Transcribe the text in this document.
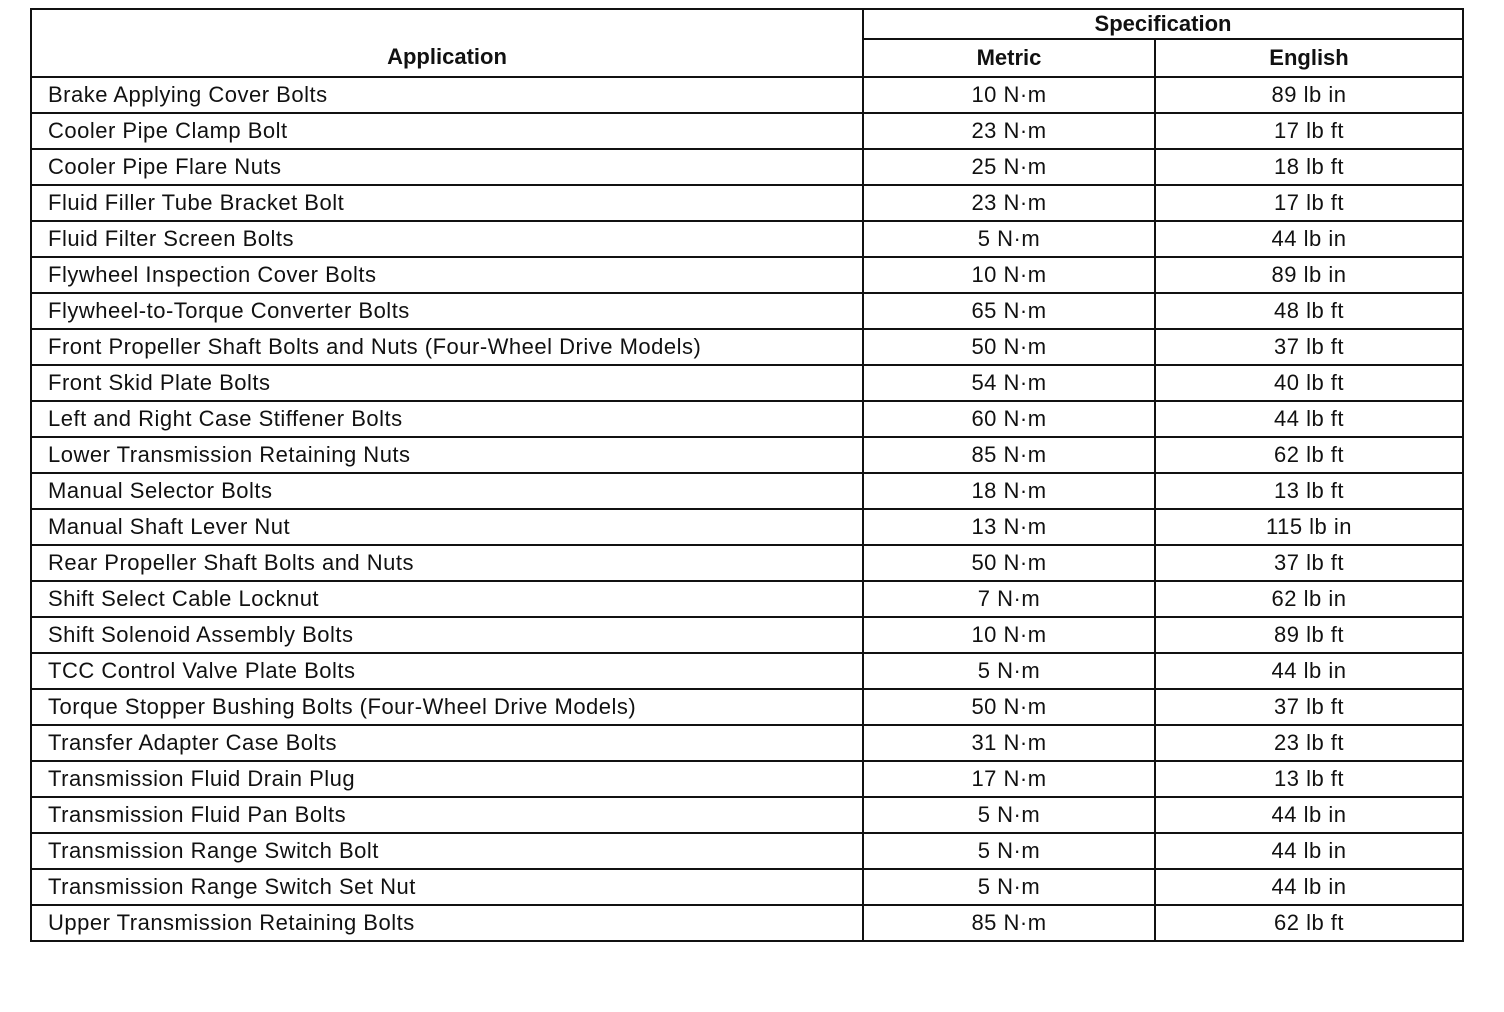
Application	Specification	
	Metric	English
Brake Applying Cover Bolts	10 N·m	89 lb in
Cooler Pipe Clamp Bolt	23 N·m	17 lb ft
Cooler Pipe Flare Nuts	25 N·m	18 lb ft
Fluid Filler Tube Bracket Bolt	23 N·m	17 lb ft
Fluid Filter Screen Bolts	5 N·m	44 lb in
Flywheel Inspection Cover Bolts	10 N·m	89 lb in
Flywheel-to-Torque Converter Bolts	65 N·m	48 lb ft
Front Propeller Shaft Bolts and Nuts (Four-Wheel Drive Models)	50 N·m	37 lb ft
Front Skid Plate Bolts	54 N·m	40 lb ft
Left and Right Case Stiffener Bolts	60 N·m	44 lb ft
Lower Transmission Retaining Nuts	85 N·m	62 lb ft
Manual Selector Bolts	18 N·m	13 lb ft
Manual Shaft Lever Nut	13 N·m	115 lb in
Rear Propeller Shaft Bolts and Nuts	50 N·m	37 lb ft
Shift Select Cable Locknut	7 N·m	62 lb in
Shift Solenoid Assembly Bolts	10 N·m	89 lb ft
TCC Control Valve Plate Bolts	5 N·m	44 lb in
Torque Stopper Bushing Bolts (Four-Wheel Drive Models)	50 N·m	37 lb ft
Transfer Adapter Case Bolts	31 N·m	23 lb ft
Transmission Fluid Drain Plug	17 N·m	13 lb ft
Transmission Fluid Pan Bolts	5 N·m	44 lb in
Transmission Range Switch Bolt	5 N·m	44 lb in
Transmission Range Switch Set Nut	5 N·m	44 lb in
Upper Transmission Retaining Bolts	85 N·m	62 lb ft
